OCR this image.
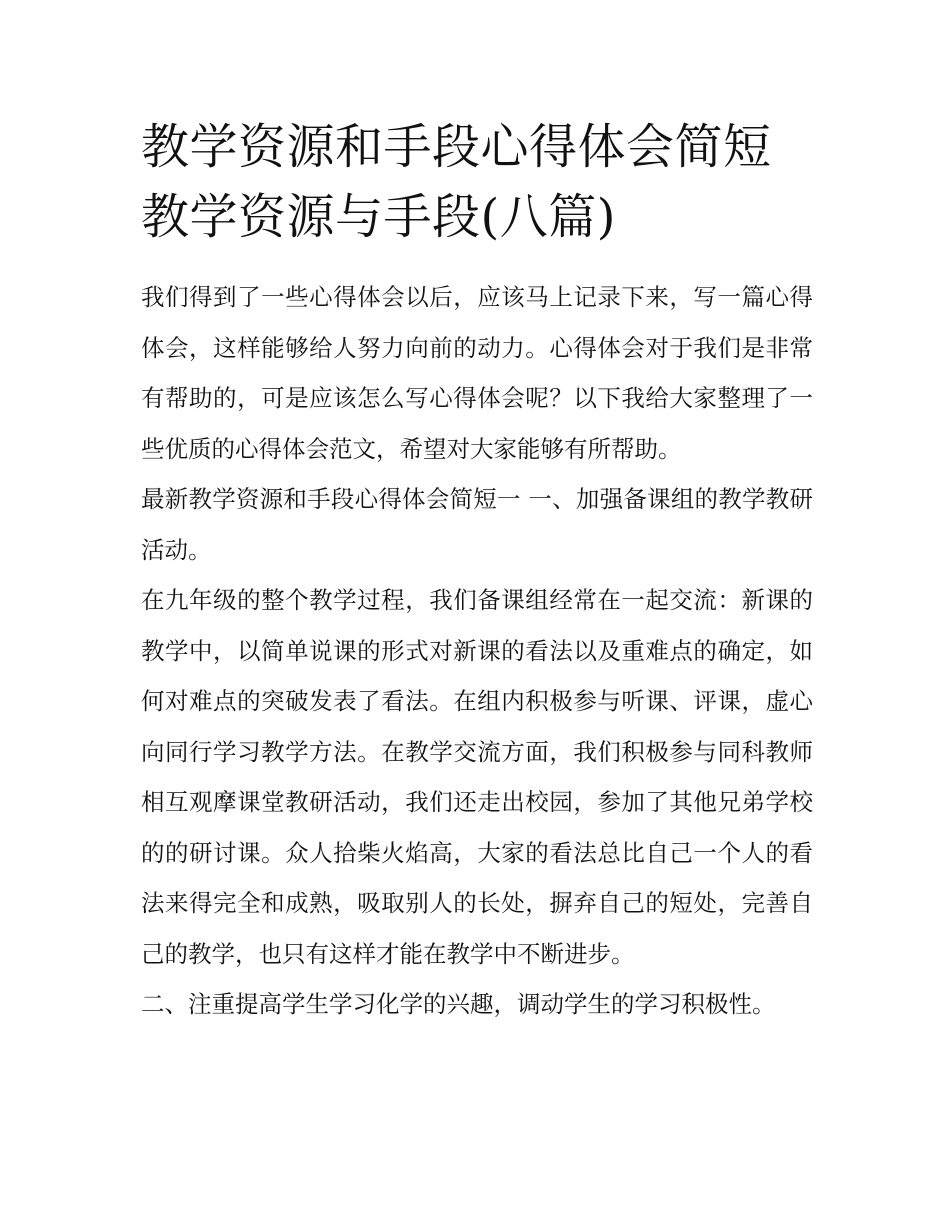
教学资源和手段心得体会简短教学资源与手段(八篇)

我们得到了一些心得体会以后，应该马上记录下来，写一篇心得体会，这样能够给人努力向前的动力。心得体会对于我们是非常有帮助的，可是应该怎么写心得体会呢？以下我给大家整理了一些优质的心得体会范文，希望对大家能够有所帮助。

最新教学资源和手段心得体会简短一 一、加强备课组的教学教研活动。

在九年级的整个教学过程，我们备课组经常在一起交流：新课的教学中，以简单说课的形式对新课的看法以及重难点的确定，如何对难点的突破发表了看法。在组内积极参与听课、评课，虚心向同行学习教学方法。在教学交流方面，我们积极参与同科教师相互观摩课堂教研活动，我们还走出校园，参加了其他兄弟学校的的研讨课。众人拾柴火焰高，大家的看法总比自己一个人的看法来得完全和成熟，吸取别人的长处，摒弃自己的短处，完善自己的教学，也只有这样才能在教学中不断进步。

二、注重提高学生学习化学的兴趣，调动学生的学习积极性。
